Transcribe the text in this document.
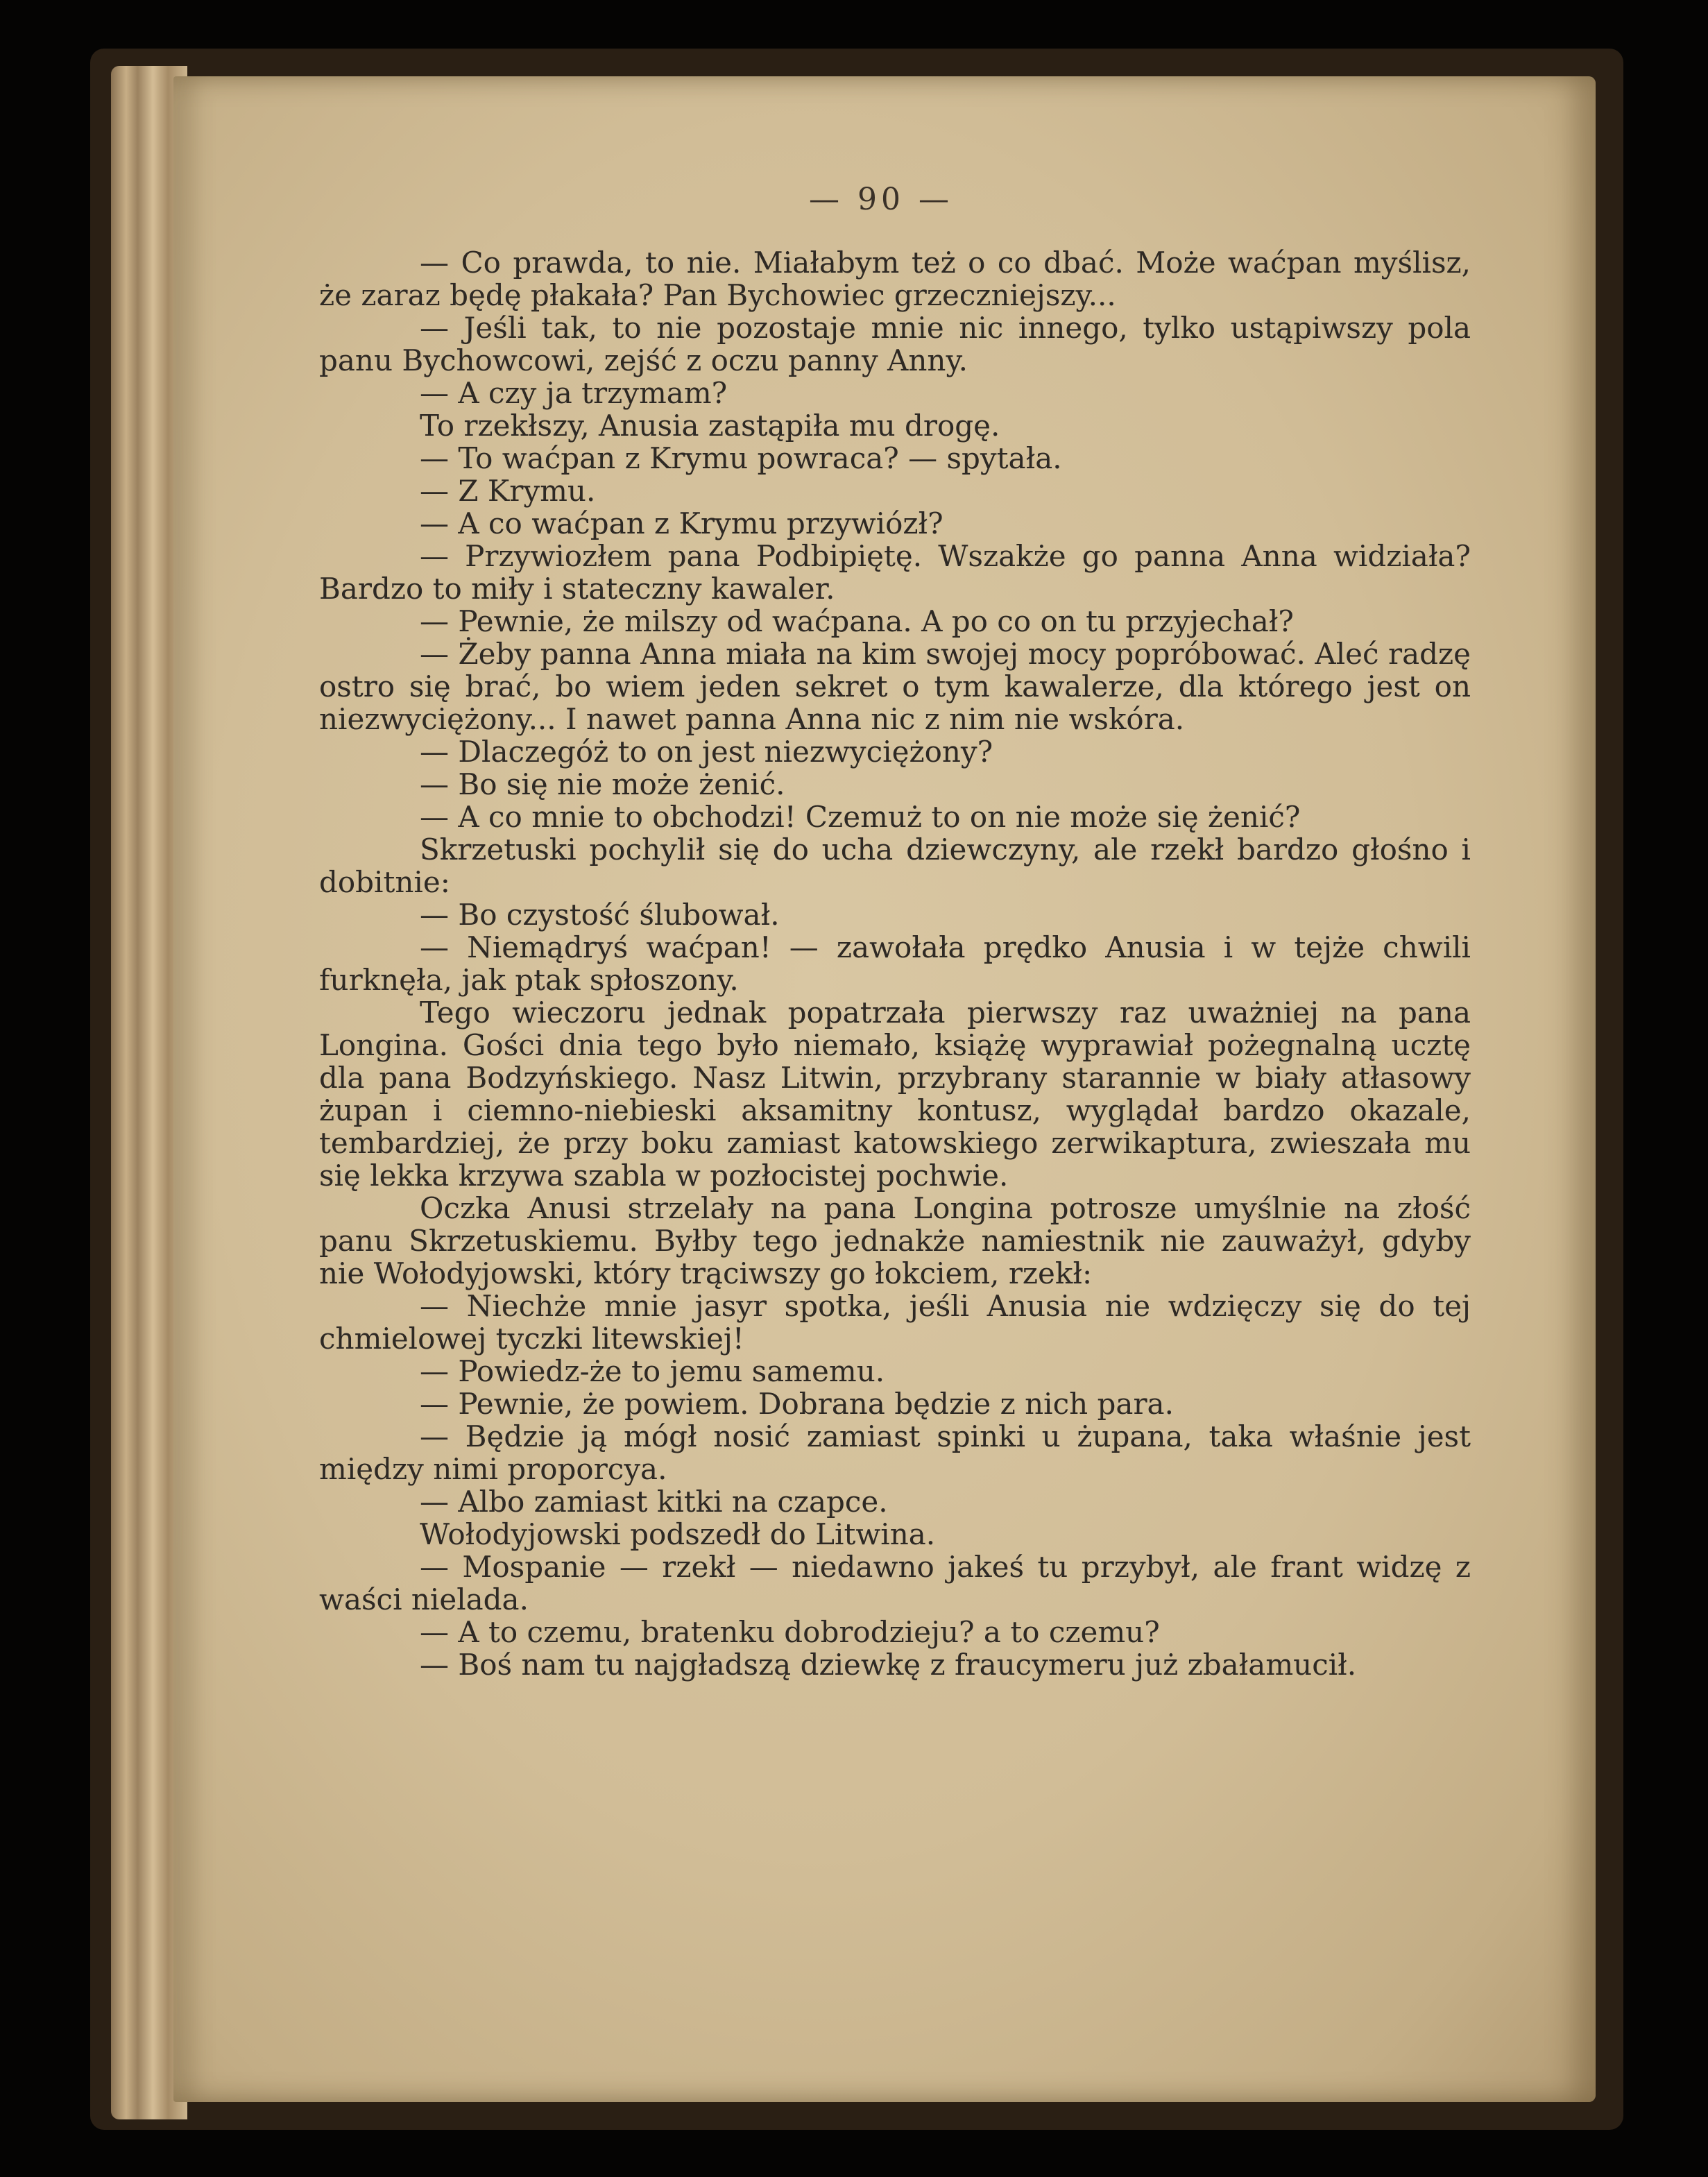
— 90 —

— Co prawda, to nie. Miałabym też o co dbać. Może waćpan myślisz, że zaraz będę płakała? Pan Bychowiec grzeczniejszy...

— Jeśli tak, to nie pozostaje mnie nic innego, tylko ustąpiwszy pola panu Bychowcowi, zejść z oczu panny Anny.

— A czy ja trzymam?

To rzekłszy, Anusia zastąpiła mu drogę.

— To waćpan z Krymu powraca? — spytała.

— Z Krymu.

— A co waćpan z Krymu przywiózł?

— Przywiozłem pana Podbipiętę. Wszakże go panna Anna widziała? Bardzo to miły i stateczny kawaler.

— Pewnie, że milszy od waćpana. A po co on tu przyjechał?

— Żeby panna Anna miała na kim swojej mocy popróbować. Aleć radzę ostro się brać, bo wiem jeden sekret o tym kawalerze, dla którego jest on niezwyciężony... I nawet panna Anna nic z nim nie wskóra.

— Dlaczegóż to on jest niezwyciężony?

— Bo się nie może żenić.

— A co mnie to obchodzi! Czemuż to on nie może się żenić?

Skrzetuski pochylił się do ucha dziewczyny, ale rzekł bardzo głośno i dobitnie:

— Bo czystość ślubował.

— Niemądryś waćpan! — zawołała prędko Anusia i w tejże chwili furknęła, jak ptak spłoszony.

Tego wieczoru jednak popatrzała pierwszy raz uważniej na pana Longina. Gości dnia tego było niemało, książę wyprawiał pożegnalną ucztę dla pana Bodzyńskiego. Nasz Litwin, przybrany starannie w biały atłasowy żupan i ciemno-niebieski aksamitny kontusz, wyglądał bardzo okazale, tembardziej, że przy boku zamiast katowskiego zerwikaptura, zwieszała mu się lekka krzywa szabla w pozłocistej pochwie.

Oczka Anusi strzelały na pana Longina potrosze umyślnie na złość panu Skrzetuskiemu. Byłby tego jednakże namiestnik nie zauważył, gdyby nie Wołodyjowski, który trąciwszy go łokciem, rzekł:

— Niechże mnie jasyr spotka, jeśli Anusia nie wdzięczy się do tej chmielowej tyczki litewskiej!

— Powiedz-że to jemu samemu.

— Pewnie, że powiem. Dobrana będzie z nich para.

— Będzie ją mógł nosić zamiast spinki u żupana, taka właśnie jest między nimi proporcya.

— Albo zamiast kitki na czapce.

Wołodyjowski podszedł do Litwina.

— Mospanie — rzekł — niedawno jakeś tu przybył, ale frant widzę z waści nielada.

— A to czemu, bratenku dobrodzieju? a to czemu?

— Boś nam tu najgładszą dziewkę z fraucymeru już zbałamucił.
